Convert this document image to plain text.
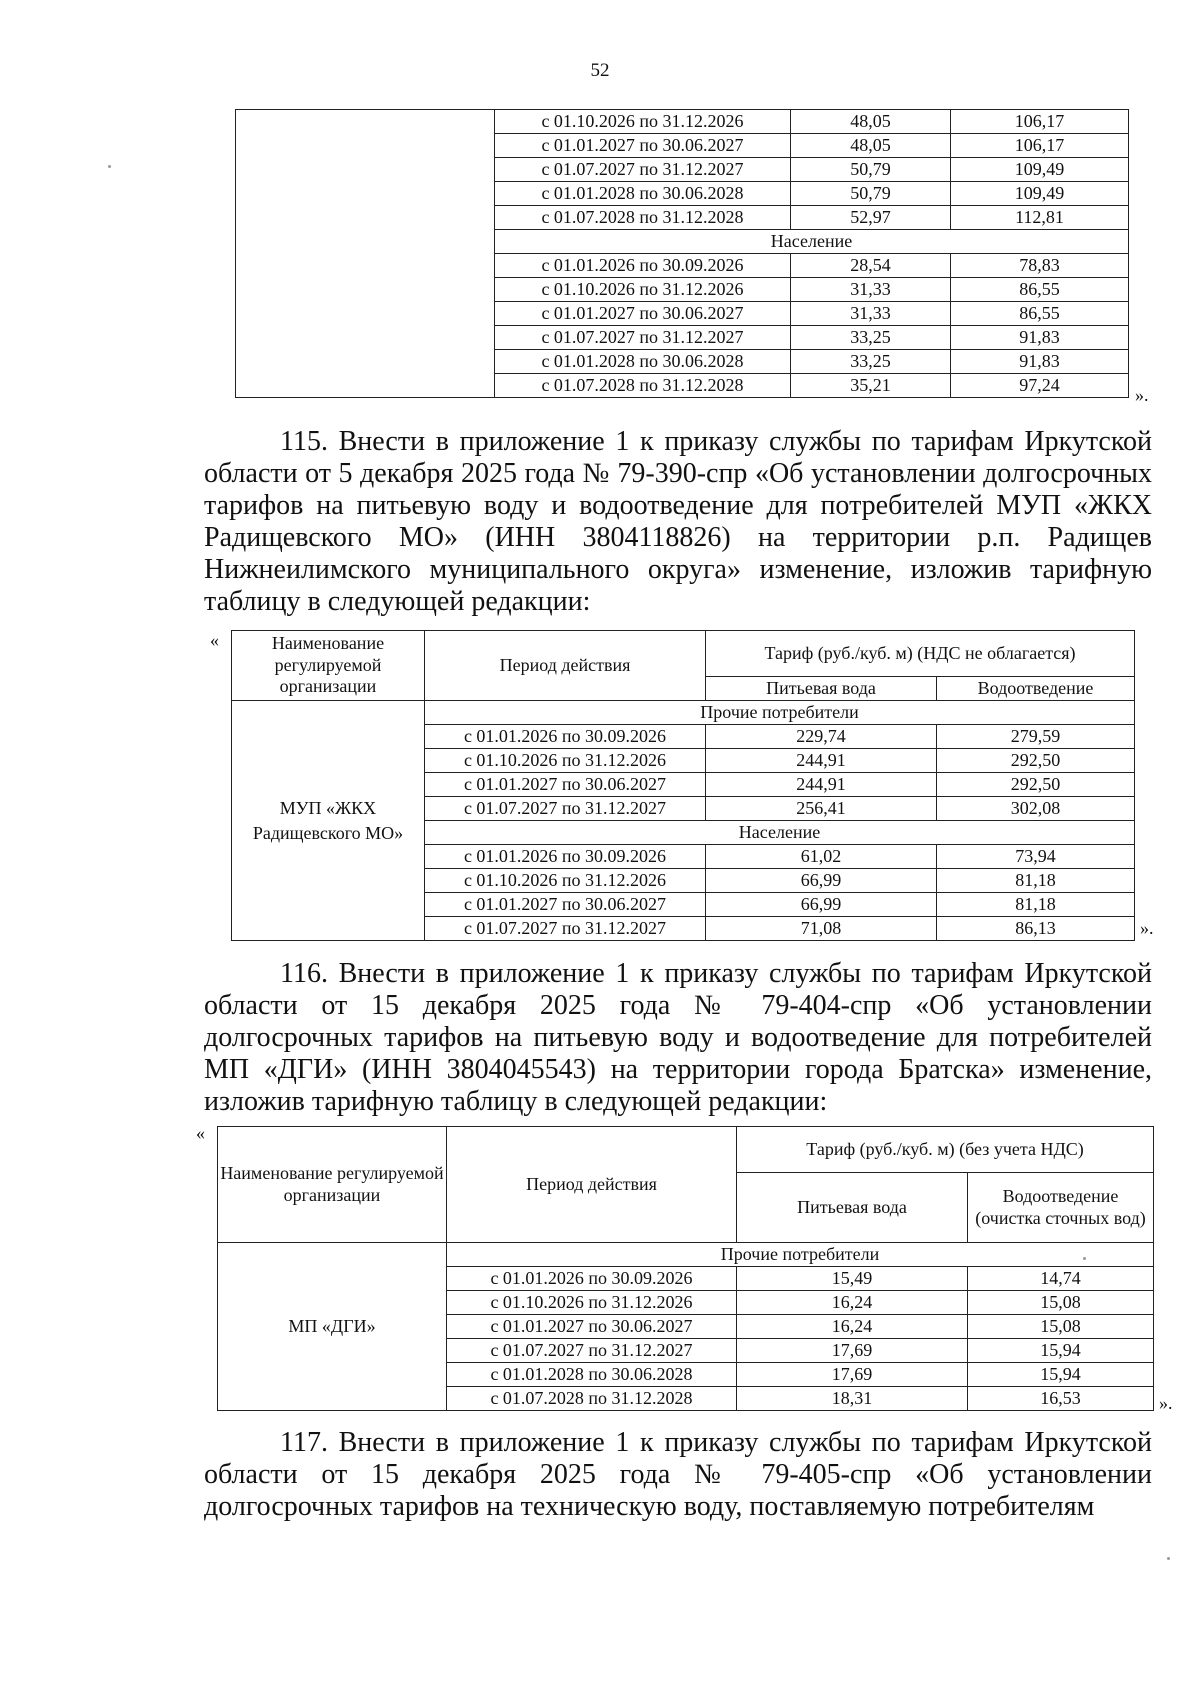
52
	с 01.10.2026 по 31.12.2026	48,05	106,17
	с 01.01.2027 по 30.06.2027	48,05	106,17
	с 01.07.2027 по 31.12.2027	50,79	109,49
	с 01.01.2028 по 30.06.2028	50,79	109,49
	с 01.07.2028 по 31.12.2028	52,97	112,81
	Население		
	с 01.01.2026 по 30.09.2026	28,54	78,83
	с 01.10.2026 по 31.12.2026	31,33	86,55
	с 01.01.2027 по 30.06.2027	31,33	86,55
	с 01.07.2027 по 31.12.2027	33,25	91,83
	с 01.01.2028 по 30.06.2028	33,25	91,83
	с 01.07.2028 по 31.12.2028	35,21	97,24	».

115. Внести в приложение 1 к приказу службы по тарифам Иркутской области от 5 декабря 2025 года № 79-390-спр «Об установлении долгосрочных тарифов на питьевую воду и водоотведение для потребителей МУП «ЖКХ Радищевского МО» (ИНН 3804118826) на территории р.п. Радищев Нижнеилимского муниципального округа» изменение, изложив тарифную таблицу в следующей редакции:

«	Наименование регулируемой организации	Период действия	Тариф (руб./куб. м) (НДС не облагается)	
		Питьевая вода	Водоотведение
МУП «ЖКХ Радищевского МО»	Прочие потребители		
	с 01.01.2026 по 30.09.2026	229,74	279,59
	с 01.10.2026 по 31.12.2026	244,91	292,50
	с 01.01.2027 по 30.06.2027	244,91	292,50
	с 01.07.2027 по 31.12.2027	256,41	302,08
	Население		
	с 01.01.2026 по 30.09.2026	61,02	73,94
	с 01.10.2026 по 31.12.2026	66,99	81,18
	с 01.01.2027 по 30.06.2027	66,99	81,18
	с 01.07.2027 по 31.12.2027	71,08	86,13	».

116. Внести в приложение 1 к приказу службы по тарифам Иркутской области от 15 декабря 2025 года № 79-404-спр «Об установлении долгосрочных тарифов на питьевую воду и водоотведение для потребителей МП «ДГИ» (ИНН 3804045543) на территории города Братска» изменение, изложив тарифную таблицу в следующей редакции:

«
Наименование регулируемой организации	Период действия	Тариф (руб./куб. м) (без учета НДС)	
		Питьевая вода	Водоотведение (очистка сточных вод)
МП «ДГИ»	Прочие потребители		
	с 01.01.2026 по 30.09.2026	15,49	14,74
	с 01.10.2026 по 31.12.2026	16,24	15,08
	с 01.01.2027 по 30.06.2027	16,24	15,08
	с 01.07.2027 по 31.12.2027	17,69	15,94
	с 01.01.2028 по 30.06.2028	17,69	15,94
	с 01.07.2028 по 31.12.2028	18,31	16,53	».

117. Внести в приложение 1 к приказу службы по тарифам Иркутской области от 15 декабря 2025 года № 79-405-спр «Об установлении долгосрочных тарифов на техническую воду, поставляемую потребителям
